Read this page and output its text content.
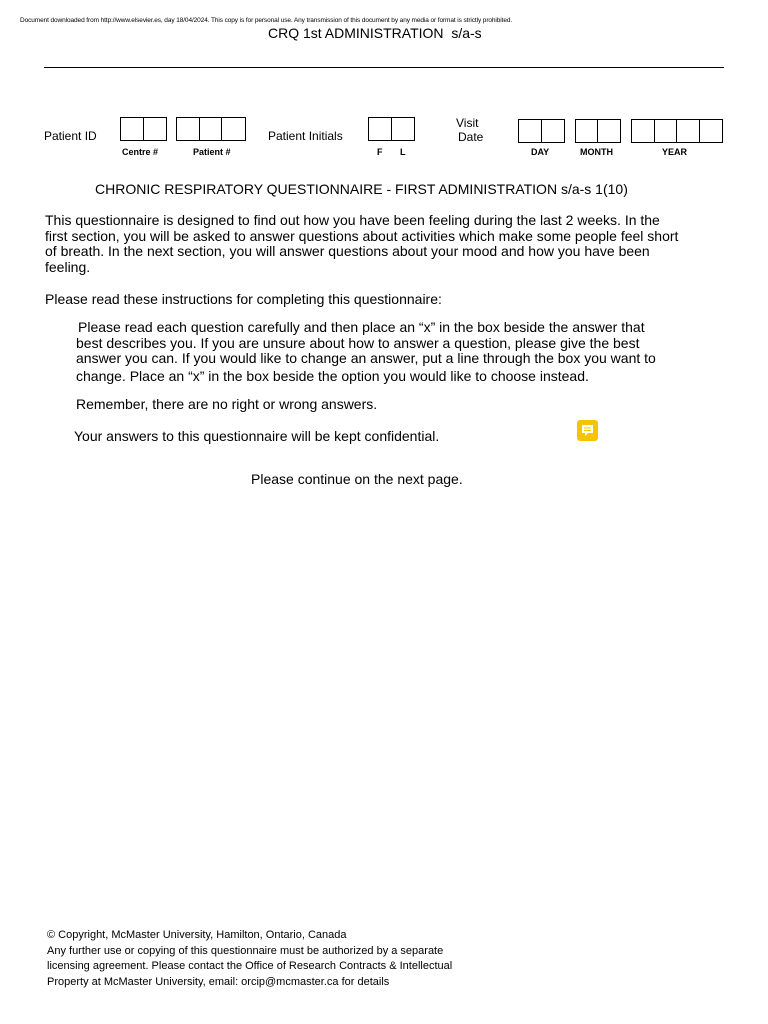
Document downloaded from http://www.elsevier.es, day 18/04/2024. This copy is for personal use. Any transmission of this document by any media or format is strictly prohibited.
CRQ 1st ADMINISTRATION  s/a-s
Patient ID
Centre #	Patient #
Patient Initials
F L
Visit
Date
DAY	MONTH	YEAR
CHRONIC RESPIRATORY QUESTIONNAIRE - FIRST ADMINISTRATION s/a-s 1(10)
This questionnaire is designed to find out how you have been feeling during the last 2 weeks. In the
first section, you will be asked to answer questions about activities which make some people feel short
of breath. In the next section, you will answer questions about your mood and how you have been
feeling.
Please read these instructions for completing this questionnaire:
Please read each question carefully and then place an “x” in the box beside the answer that
best describes you. If you are unsure about how to answer a question, please give the best
answer you can. If you would like to change an answer, put a line through the box you want to
change. Place an “x” in the box beside the option you would like to choose instead.
Remember, there are no right or wrong answers.
Your answers to this questionnaire will be kept confidential.
Please continue on the next page.
© Copyright, McMaster University, Hamilton, Ontario, Canada
Any further use or copying of this questionnaire must be authorized by a separate
licensing agreement. Please contact the Office of Research Contracts & Intellectual
Property at McMaster University, email: orcip@mcmaster.ca for details
